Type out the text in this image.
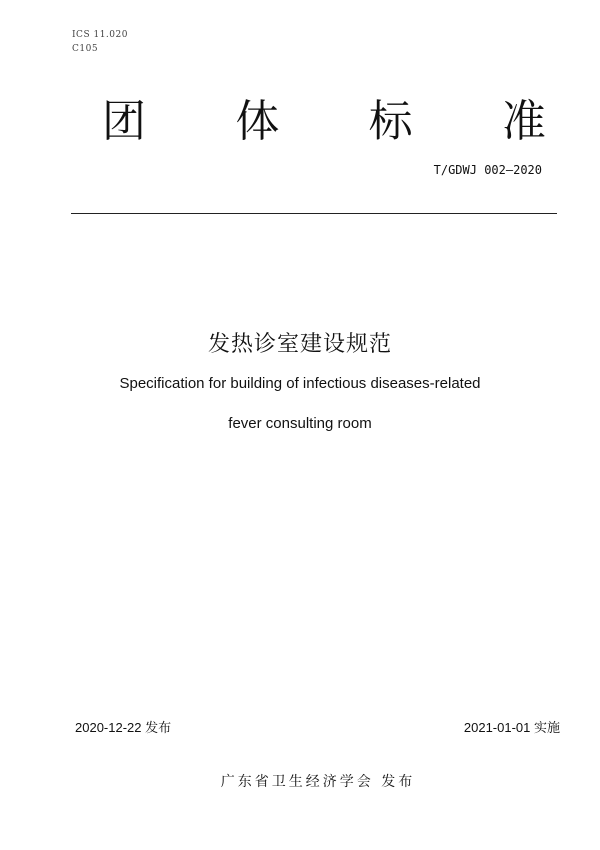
ICS 11.020
C105
团 体 标 准
T/GDWJ 002—2020
发热诊室建设规范
Specification for building of infectious diseases-related
fever consulting room
2020-12-22 发布	2021-01-01 实施
广东省卫生经济学会 发布
